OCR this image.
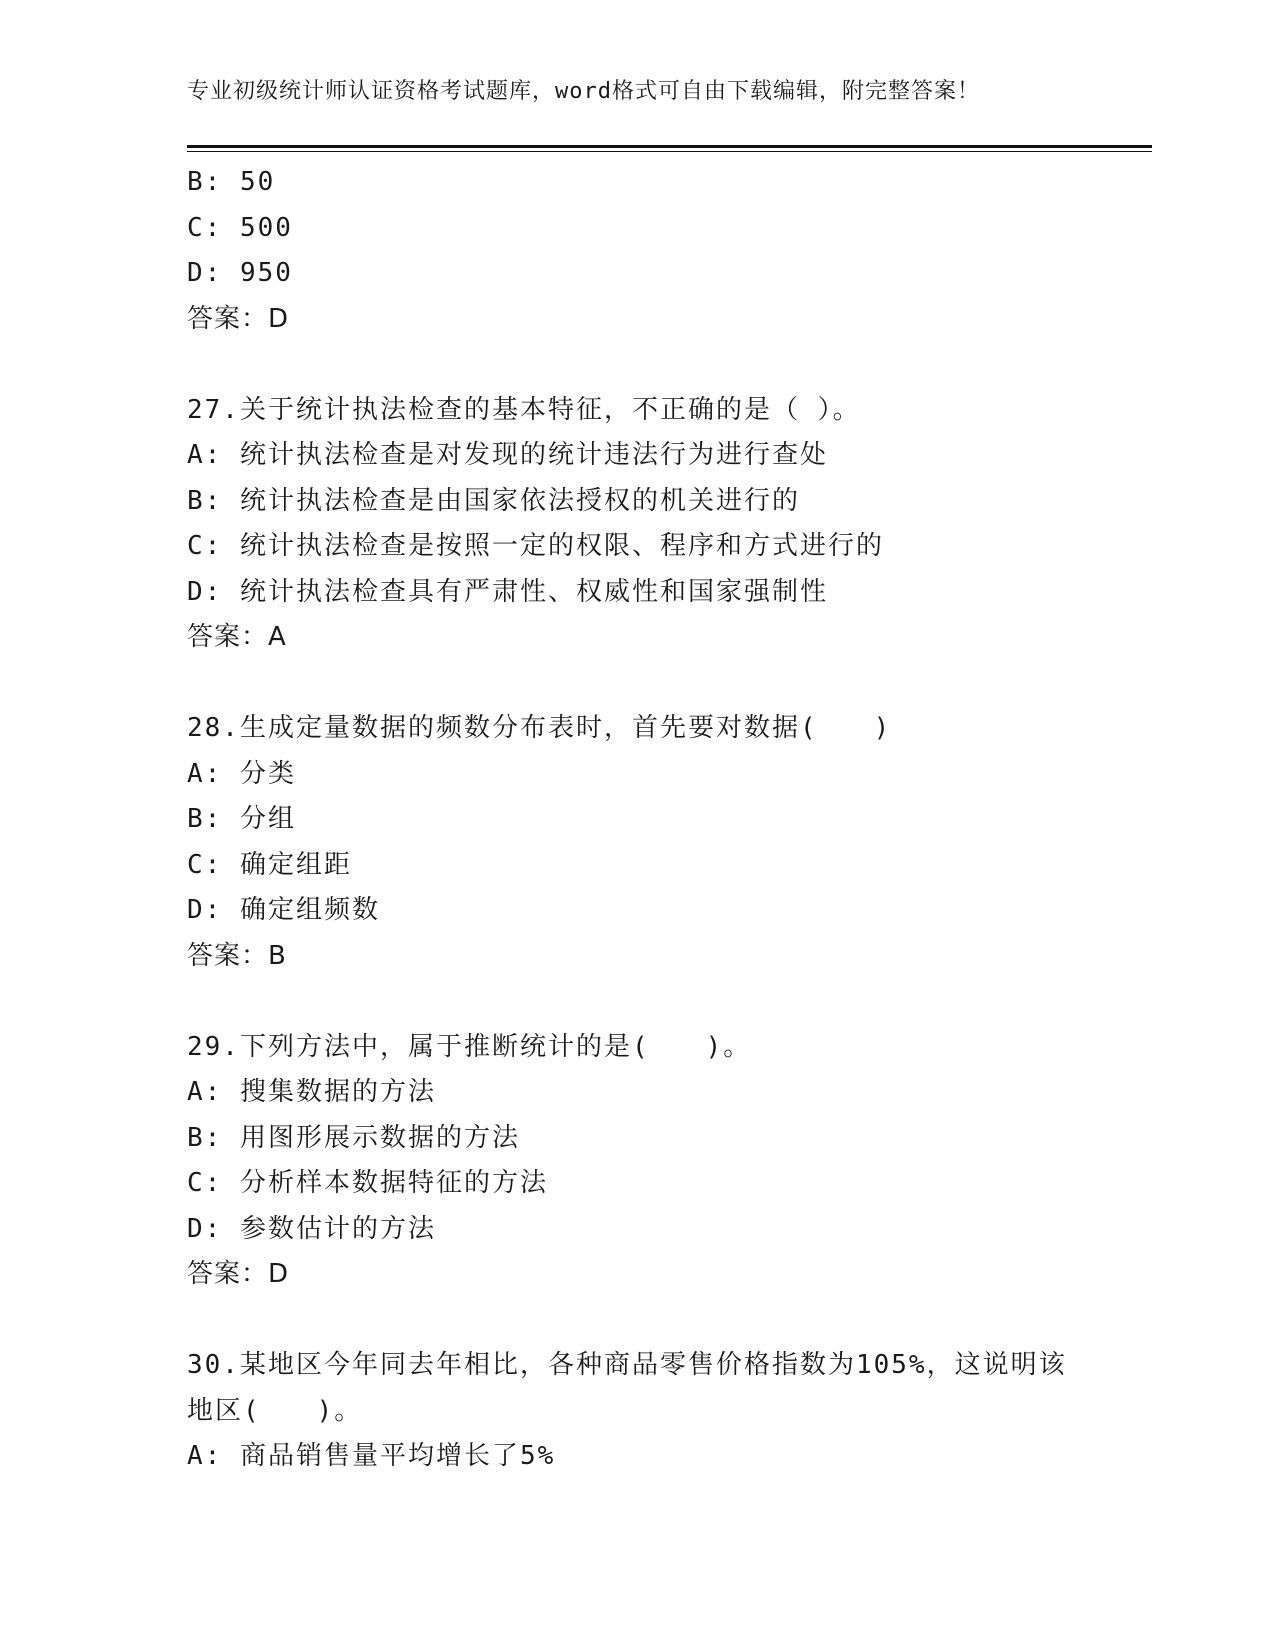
专业初级统计师认证资格考试题库，word格式可自由下载编辑，附完整答案！
B: 50
C: 500
D: 950
答案：D
27.关于统计执法检查的基本特征，不正确的是（ ）。
A: 统计执法检查是对发现的统计违法行为进行查处
B: 统计执法检查是由国家依法授权的机关进行的
C: 统计执法检查是按照一定的权限、程序和方式进行的
D: 统计执法检查具有严肃性、权威性和国家强制性
答案：A
28.生成定量数据的频数分布表时，首先要对数据(　　)
A: 分类
B: 分组
C: 确定组距
D: 确定组频数
答案：B
29.下列方法中，属于推断统计的是(　　)。
A: 搜集数据的方法
B: 用图形展示数据的方法
C: 分析样本数据特征的方法
D: 参数估计的方法
答案：D
30.某地区今年同去年相比，各种商品零售价格指数为105%，这说明该
地区(　　)。
A: 商品销售量平均增长了5%
